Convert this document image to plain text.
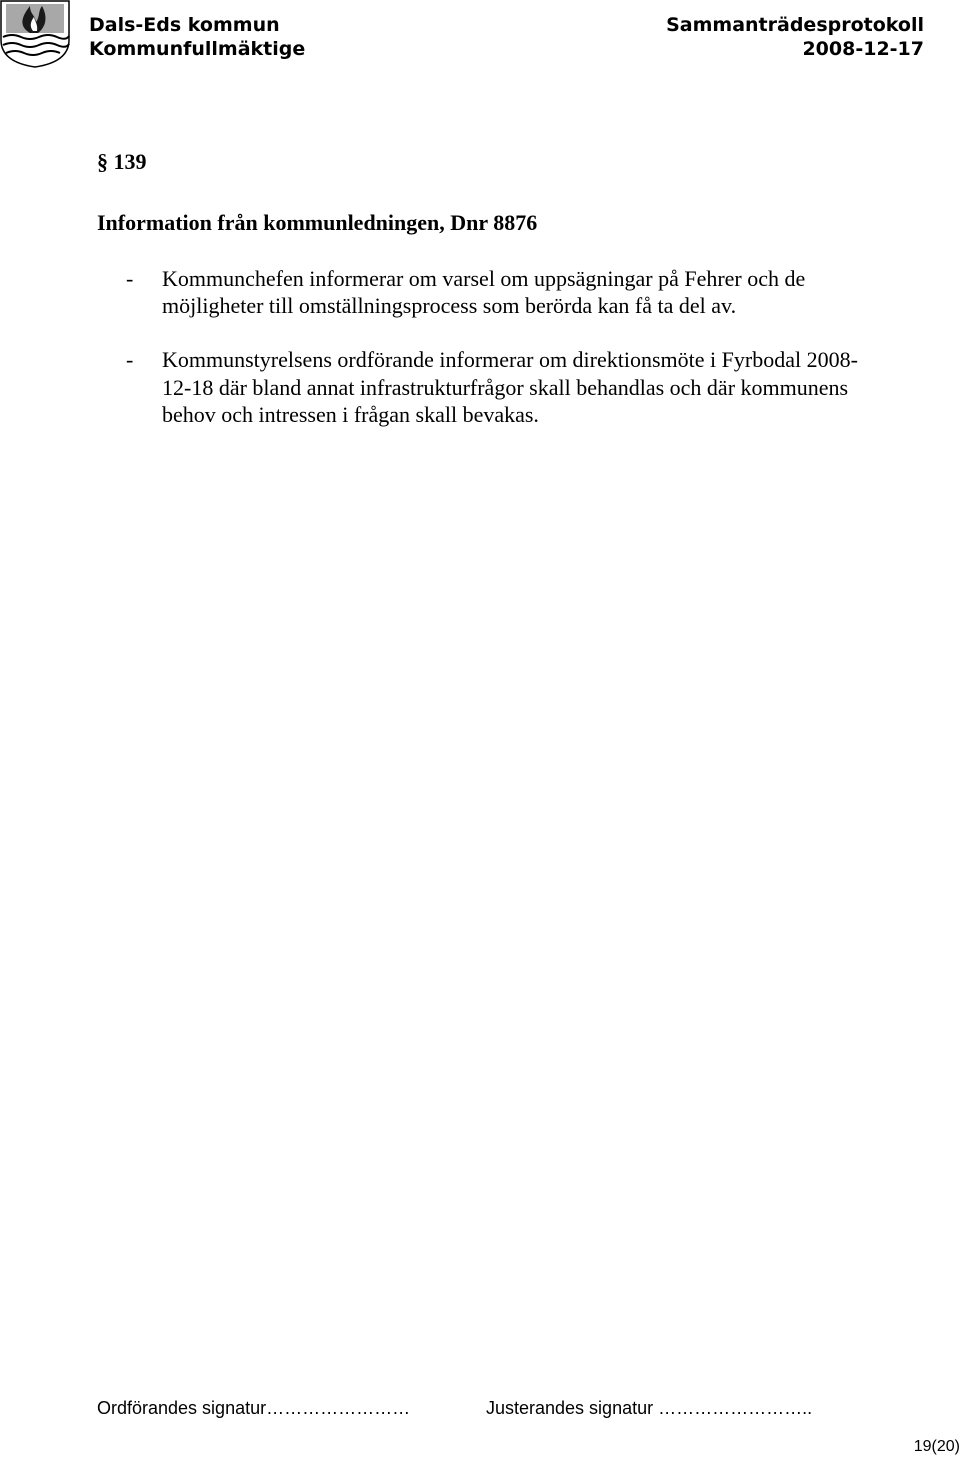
Dals-Eds kommun
Kommunfullmäktige
Sammanträdesprotokoll
2008-12-17
§ 139
Information från kommunledningen, Dnr 8876
- Kommunchefen informerar om varsel om uppsägningar på Fehrer och de
möjligheter till omställningsprocess som berörda kan få ta del av.
- Kommunstyrelsens ordförande informerar om direktionsmöte i Fyrbodal 2008-
12-18 där bland annat infrastrukturfrågor skall behandlas och där kommunens
behov och intressen i frågan skall bevakas.
Ordförandes signatur……………………	Justerandes signatur ……………………..
19(20)
